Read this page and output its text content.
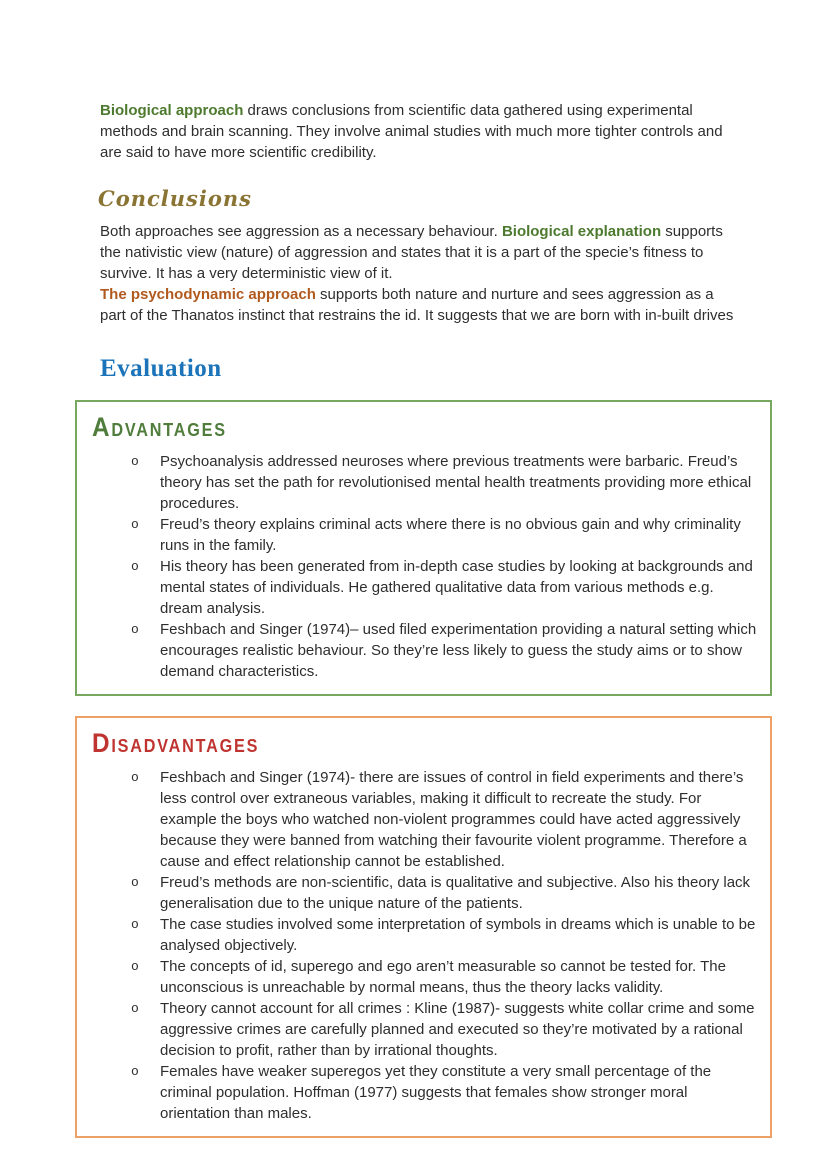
Biological approach draws conclusions from scientific data gathered using experimental methods and brain scanning. They involve animal studies with much more tighter controls and are said to have more scientific credibility.

Conclusions

Both approaches see aggression as a necessary behaviour. Biological explanation supports the nativistic view (nature) of aggression and states that it is a part of the specie’s fitness to survive. It has a very deterministic view of it.

The psychodynamic approach supports both nature and nurture and sees aggression as a part of the Thanatos instinct that restrains the id. It suggests that we are born with in-built drives

Evaluation
ADVANTAGES
o	Psychoanalysis addressed neuroses where previous treatments were barbaric. Freud’s theory has set the path for revolutionised mental health treatments providing more ethical procedures.
o	Freud’s theory explains criminal acts where there is no obvious gain and why criminality runs in the family.
o	His theory has been generated from in-depth case studies by looking at backgrounds and mental states of individuals. He gathered qualitative data from various methods e.g. dream analysis.
o	Feshbach and Singer (1974)– used filed experimentation providing a natural setting which encourages realistic behaviour. So they’re less likely to guess the study aims or to show demand characteristics.
DISADVANTAGES
o	Feshbach and Singer (1974)- there are issues of control in field experiments and there’s less control over extraneous variables, making it difficult to recreate the study. For example the boys who watched non-violent programmes could have acted aggressively because they were banned from watching their favourite violent programme. Therefore a cause and effect relationship cannot be established.
o	Freud’s methods are non-scientific, data is qualitative and subjective. Also his theory lack generalisation due to the unique nature of the patients.
o	The case studies involved some interpretation of symbols in dreams which is unable to be analysed objectively.
o	The concepts of id, superego and ego aren’t measurable so cannot be tested for. The unconscious is unreachable by normal means, thus the theory lacks validity.
o	Theory cannot account for all crimes : Kline (1987)- suggests white collar crime and some aggressive crimes are carefully planned and executed so they’re motivated by a rational decision to profit, rather than by irrational thoughts.
o	Females have weaker superegos yet they constitute a very small percentage of the criminal population. Hoffman (1977) suggests that females show stronger moral orientation than males.
